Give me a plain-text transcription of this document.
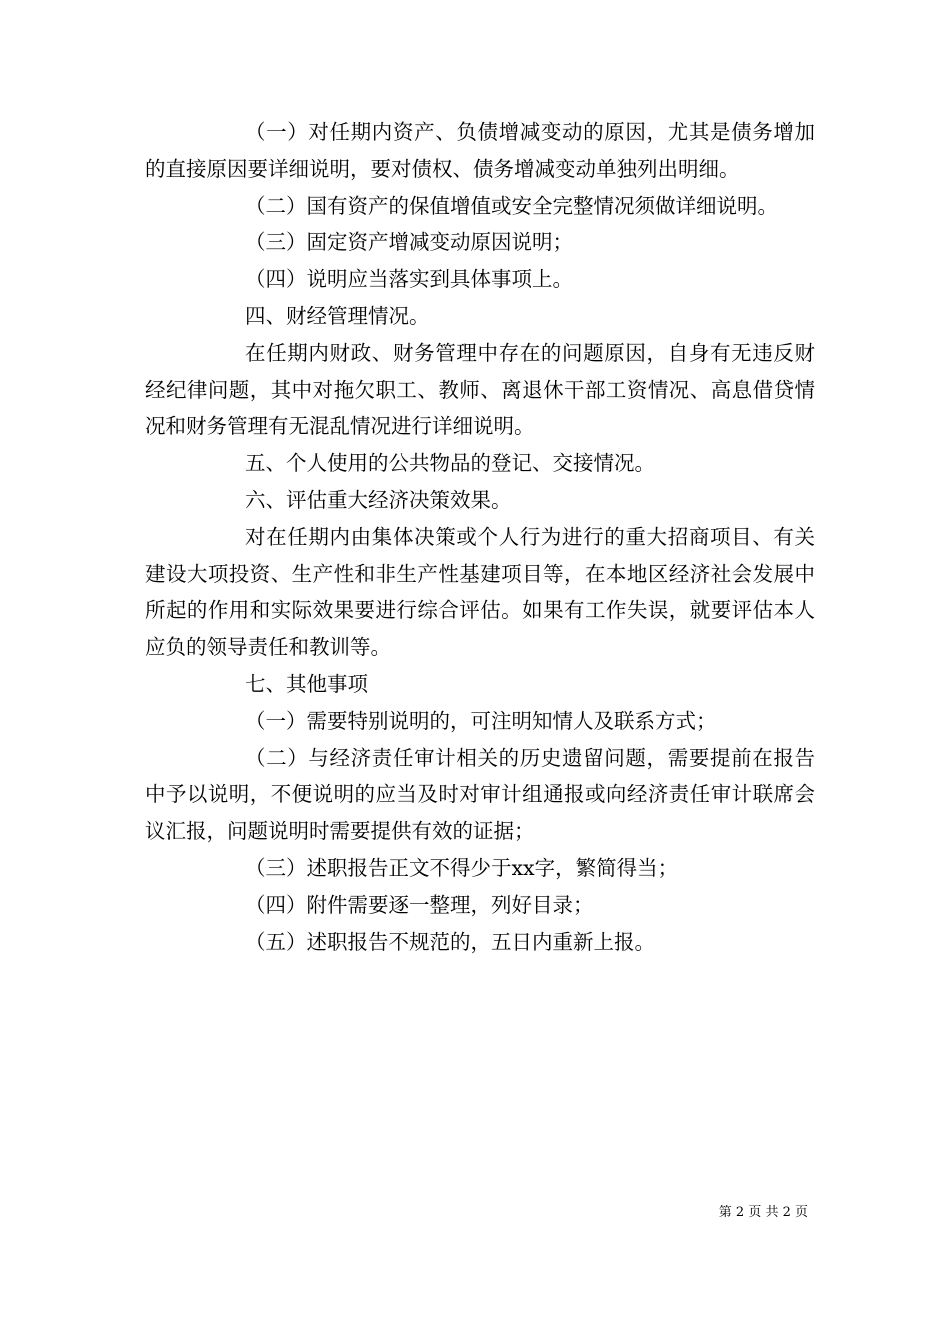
（一）对任期内资产、负债增减变动的原因，尤其是债务增加的直接原因要详细说明，要对债权、债务增减变动单独列出明细。

（二）国有资产的保值增值或安全完整情况须做详细说明。

（三）固定资产增减变动原因说明；

（四）说明应当落实到具体事项上。

四、财经管理情况。

在任期内财政、财务管理中存在的问题原因，自身有无违反财经纪律问题，其中对拖欠职工、教师、离退休干部工资情况、高息借贷情况和财务管理有无混乱情况进行详细说明。

五、个人使用的公共物品的登记、交接情况。

六、评估重大经济决策效果。

对在任期内由集体决策或个人行为进行的重大招商项目、有关建设大项投资、生产性和非生产性基建项目等，在本地区经济社会发展中所起的作用和实际效果要进行综合评估。如果有工作失误，就要评估本人应负的领导责任和教训等。

七、其他事项

（一）需要特别说明的，可注明知情人及联系方式；

（二）与经济责任审计相关的历史遗留问题，需要提前在报告中予以说明，不便说明的应当及时对审计组通报或向经济责任审计联席会议汇报，问题说明时需要提供有效的证据；

（三）述职报告正文不得少于xx字，繁简得当；

（四）附件需要逐一整理，列好目录；

（五）述职报告不规范的，五日内重新上报。

第 2 页 共 2 页
